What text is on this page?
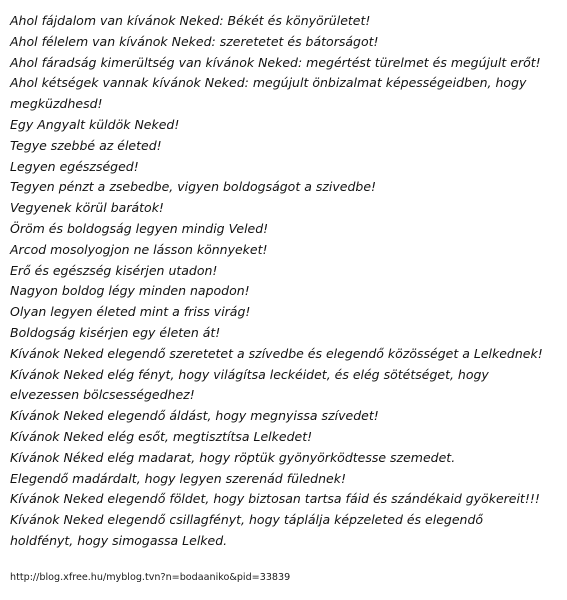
Ahol fájdalom van kívánok Neked: Békét és könyörületet!
Ahol félelem van kívánok Neked: szeretetet és bátorságot!
Ahol fáradság kimerültség van kívánok Neked: megértést türelmet és megújult erőt!
Ahol kétségek vannak kívánok Neked: megújult önbizalmat képességeidben, hogy
megküzdhesd!
Egy Angyalt küldök Neked!
Tegye szebbé az életed!
Legyen egészséged!
Tegyen pénzt a zsebedbe, vigyen boldogságot a szivedbe!
Vegyenek körül barátok!
Öröm és boldogság legyen mindig Veled!
Arcod mosolyogjon ne lásson könnyeket!
Erő és egészség kisérjen utadon!
Nagyon boldog légy minden napodon!
Olyan legyen életed mint a friss virág!
Boldogság kisérjen egy életen át!
Kívánok Neked elegendő szeretetet a szívedbe és elegendő közösséget a Lelkednek!
Kívánok Neked elég fényt, hogy világítsa leckéidet, és elég sötétséget, hogy
elvezessen bölcsességedhez!
Kívánok Neked elegendő áldást, hogy megnyissa szívedet!
Kívánok Neked elég esőt, megtisztítsa Lelkedet!
Kívánok Néked elég madarat, hogy röptük gyönyörködtesse szemedet.
Elegendő madárdalt, hogy legyen szerenád fülednek!
Kívánok Neked elegendő földet, hogy biztosan tartsa fáid és szándékaid gyökereit!!!
Kívánok Neked elegendő csillagfényt, hogy táplálja képzeleted és elegendő
holdfényt, hogy simogassa Lelked.
http://blog.xfree.hu/myblog.tvn?n=bodaaniko&pid=33839
